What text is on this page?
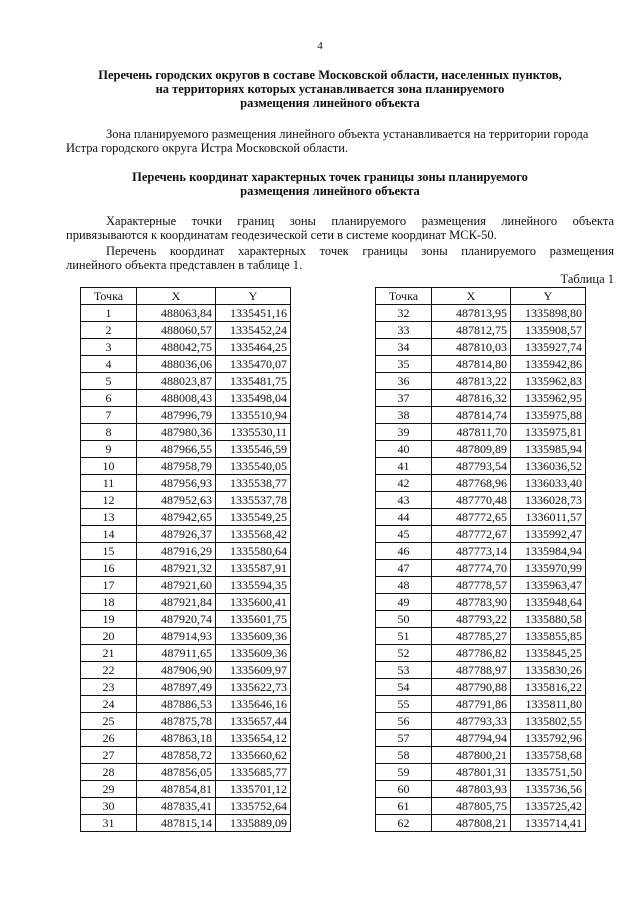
4
Перечень городских округов в составе Московской области, населенных пунктов,
на территориях которых устанавливается зона планируемого
размещения линейного объекта
Зона планируемого размещения линейного объекта устанавливается на территории города
Истра городского округа Истра Московской области.
Перечень координат характерных точек границы зоны планируемого
размещения линейного объекта
Характерные точки границ зоны планируемого размещения линейного объекта
привязываются к координатам геодезической сети в системе координат МСК-50.
Перечень координат характерных точек границы зоны планируемого размещения
линейного объекта представлен в таблице 1.
Таблица 1
Точка	X	Y
1	488063,84	1335451,16
2	488060,57	1335452,24
3	488042,75	1335464,25
4	488036,06	1335470,07
5	488023,87	1335481,75
6	488008,43	1335498,04
7	487996,79	1335510,94
8	487980,36	1335530,11
9	487966,55	1335546,59
10	487958,79	1335540,05
11	487956,93	1335538,77
12	487952,63	1335537,78
13	487942,65	1335549,25
14	487926,37	1335568,42
15	487916,29	1335580,64
16	487921,32	1335587,91
17	487921,60	1335594,35
18	487921,84	1335600,41
19	487920,74	1335601,75
20	487914,93	1335609,36
21	487911,65	1335609,36
22	487906,90	1335609,97
23	487897,49	1335622,73
24	487886,53	1335646,16
25	487875,78	1335657,44
26	487863,18	1335654,12
27	487858,72	1335660,62
28	487856,05	1335685,77
29	487854,81	1335701,12
30	487835,41	1335752,64
31	487815,14	1335889,09
Точка	X	Y
32	487813,95	1335898,80
33	487812,75	1335908,57
34	487810,03	1335927,74
35	487814,80	1335942,86
36	487813,22	1335962,83
37	487816,32	1335962,95
38	487814,74	1335975,88
39	487811,70	1335975,81
40	487809,89	1335985,94
41	487793,54	1336036,52
42	487768,96	1336033,40
43	487770,48	1336028,73
44	487772,65	1336011,57
45	487772,67	1335992,47
46	487773,14	1335984,94
47	487774,70	1335970,99
48	487778,57	1335963,47
49	487783,90	1335948,64
50	487793,22	1335880,58
51	487785,27	1335855,85
52	487786,82	1335845,25
53	487788,97	1335830,26
54	487790,88	1335816,22
55	487791,86	1335811,80
56	487793,33	1335802,55
57	487794,94	1335792,96
58	487800,21	1335758,68
59	487801,31	1335751,50
60	487803,93	1335736,56
61	487805,75	1335725,42
62	487808,21	1335714,41
